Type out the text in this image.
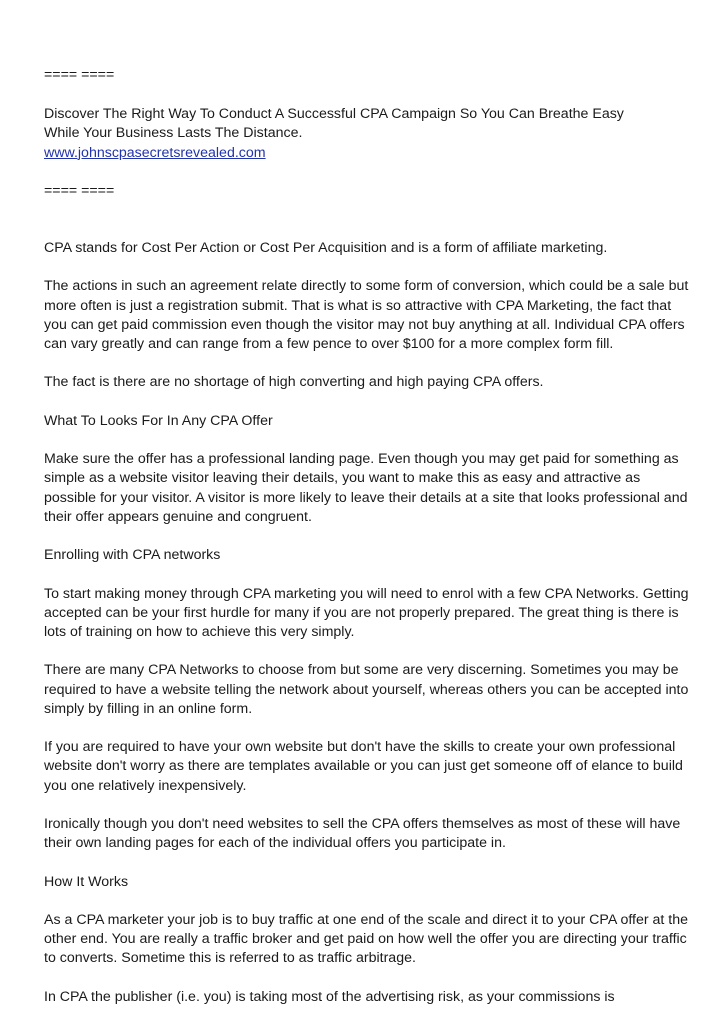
==== ====

Discover The Right Way To Conduct A Successful CPA Campaign So You Can Breathe Easy

While Your Business Lasts The Distance.

www.johnscpasecretsrevealed.com

==== ====

CPA stands for Cost Per Action or Cost Per Acquisition and is a form of affiliate marketing.

The actions in such an agreement relate directly to some form of conversion, which could be a sale but more often is just a registration submit. That is what is so attractive with CPA Marketing, the fact that you can get paid commission even though the visitor may not buy anything at all. Individual CPA offers can vary greatly and can range from a few pence to over $100 for a more complex form fill.

The fact is there are no shortage of high converting and high paying CPA offers.

What To Looks For In Any CPA Offer

Make sure the offer has a professional landing page. Even though you may get paid for something as simple as a website visitor leaving their details, you want to make this as easy and attractive as possible for your visitor. A visitor is more likely to leave their details at a site that looks professional and their offer appears genuine and congruent.

Enrolling with CPA networks

To start making money through CPA marketing you will need to enrol with a few CPA Networks. Getting accepted can be your first hurdle for many if you are not properly prepared. The great thing is there is lots of training on how to achieve this very simply.

There are many CPA Networks to choose from but some are very discerning. Sometimes you may be required to have a website telling the network about yourself, whereas others you can be accepted into simply by filling in an online form.

If you are required to have your own website but don't have the skills to create your own professional website don't worry as there are templates available or you can just get someone off of elance to build you one relatively inexpensively.

Ironically though you don't need websites to sell the CPA offers themselves as most of these will have their own landing pages for each of the individual offers you participate in.

How It Works

As a CPA marketer your job is to buy traffic at one end of the scale and direct it to your CPA offer at the other end. You are really a traffic broker and get paid on how well the offer you are directing your traffic to converts. Sometime this is referred to as traffic arbitrage.

In CPA the publisher (i.e. you) is taking most of the advertising risk, as your commissions is
